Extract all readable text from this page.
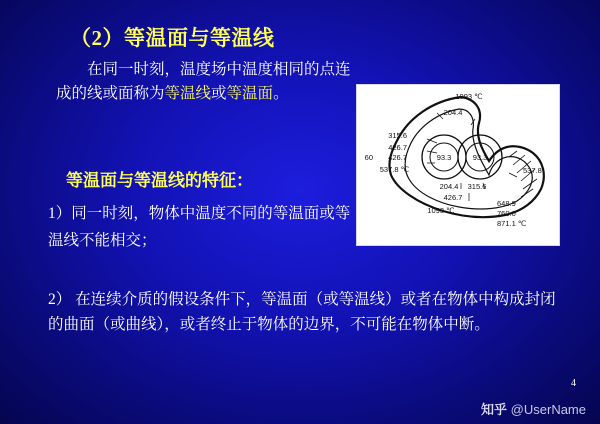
（2）等温面与等温线
在同一时刻，温度场中温度相同的点连成的线或面称为等温线或等温面。
等温面与等温线的特征：
1）同一时刻，物体中温度不同的等温面或等温线不能相交；
2） 在连续介质的假设条件下，等温面（或等温线）或者在物体中构成封闭的曲面（或曲线），或者终止于物体的边界，不可能在物体中断。
1093 ℃
204.4
315.6
426.7
60 426.7
537.8 ℃
93.3	93.3
537.8
204.4 315.6
426.7
1093 ℃
648.9
760.0
871.1 ℃
4
知乎 @UserName
